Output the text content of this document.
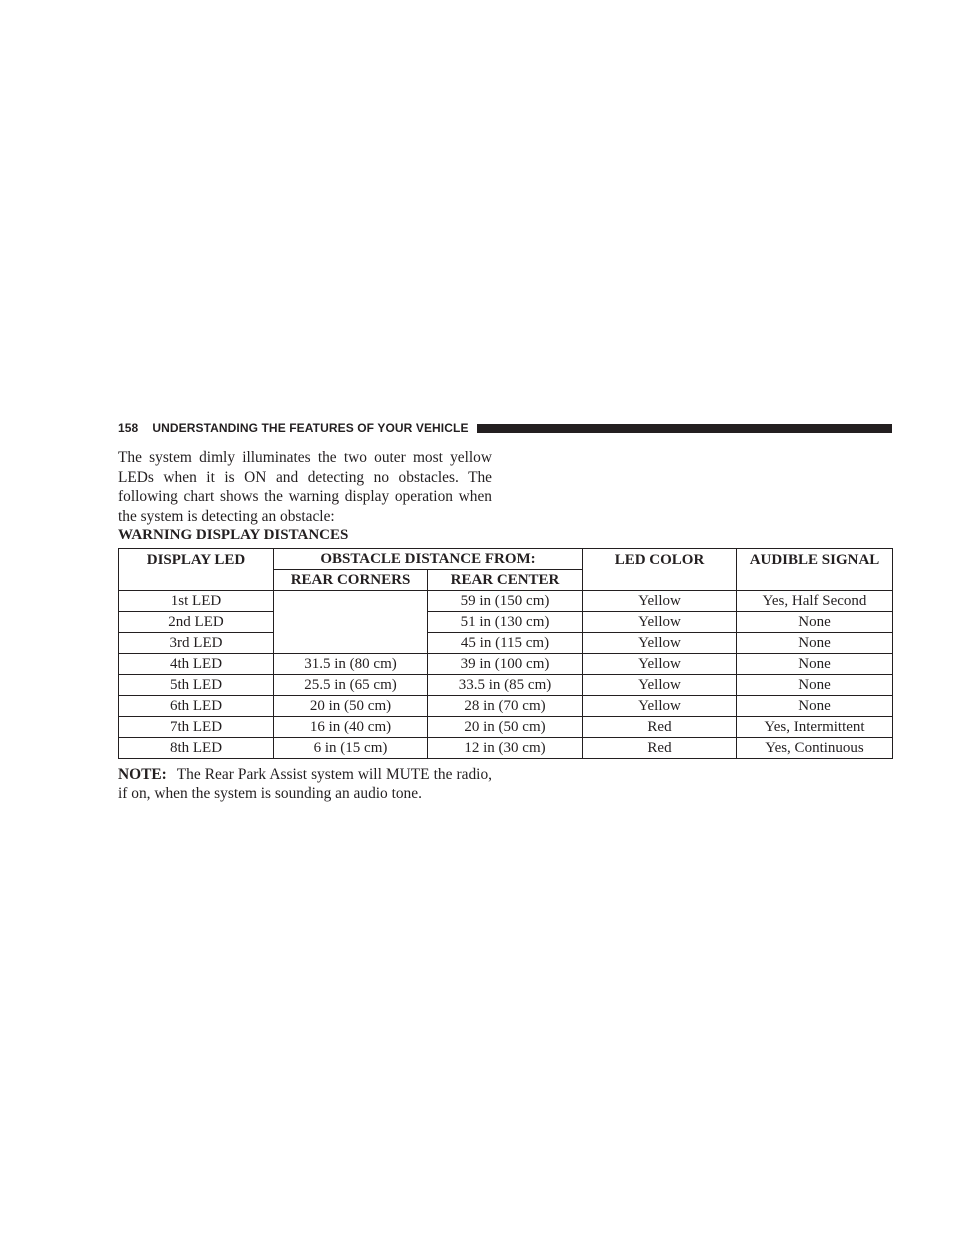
158 UNDERSTANDING THE FEATURES OF YOUR VEHICLE

The system dimly illuminates the two outer most yellow LEDs when it is ON and detecting no obstacles. The following chart shows the warning display operation when the system is detecting an obstacle:

WARNING DISPLAY DISTANCES
DISPLAY LED	OBSTACLE DISTANCE FROM:		LED COLOR	AUDIBLE SIGNAL
	REAR CORNERS	REAR CENTER		
1st LED		59 in (150 cm)	Yellow	Yes, Half Second
2nd LED		51 in (130 cm)	Yellow	None
3rd LED		45 in (115 cm)	Yellow	None
4th LED	31.5 in (80 cm)	39 in (100 cm)	Yellow	None
5th LED	25.5 in (65 cm)	33.5 in (85 cm)	Yellow	None
6th LED	20 in (50 cm)	28 in (70 cm)	Yellow	None
7th LED	16 in (40 cm)	20 in (50 cm)	Red	Yes, Intermittent
8th LED	6 in (15 cm)	12 in (30 cm)	Red	Yes, Continuous

NOTE: The Rear Park Assist system will MUTE the radio, if on, when the system is sounding an audio tone.
